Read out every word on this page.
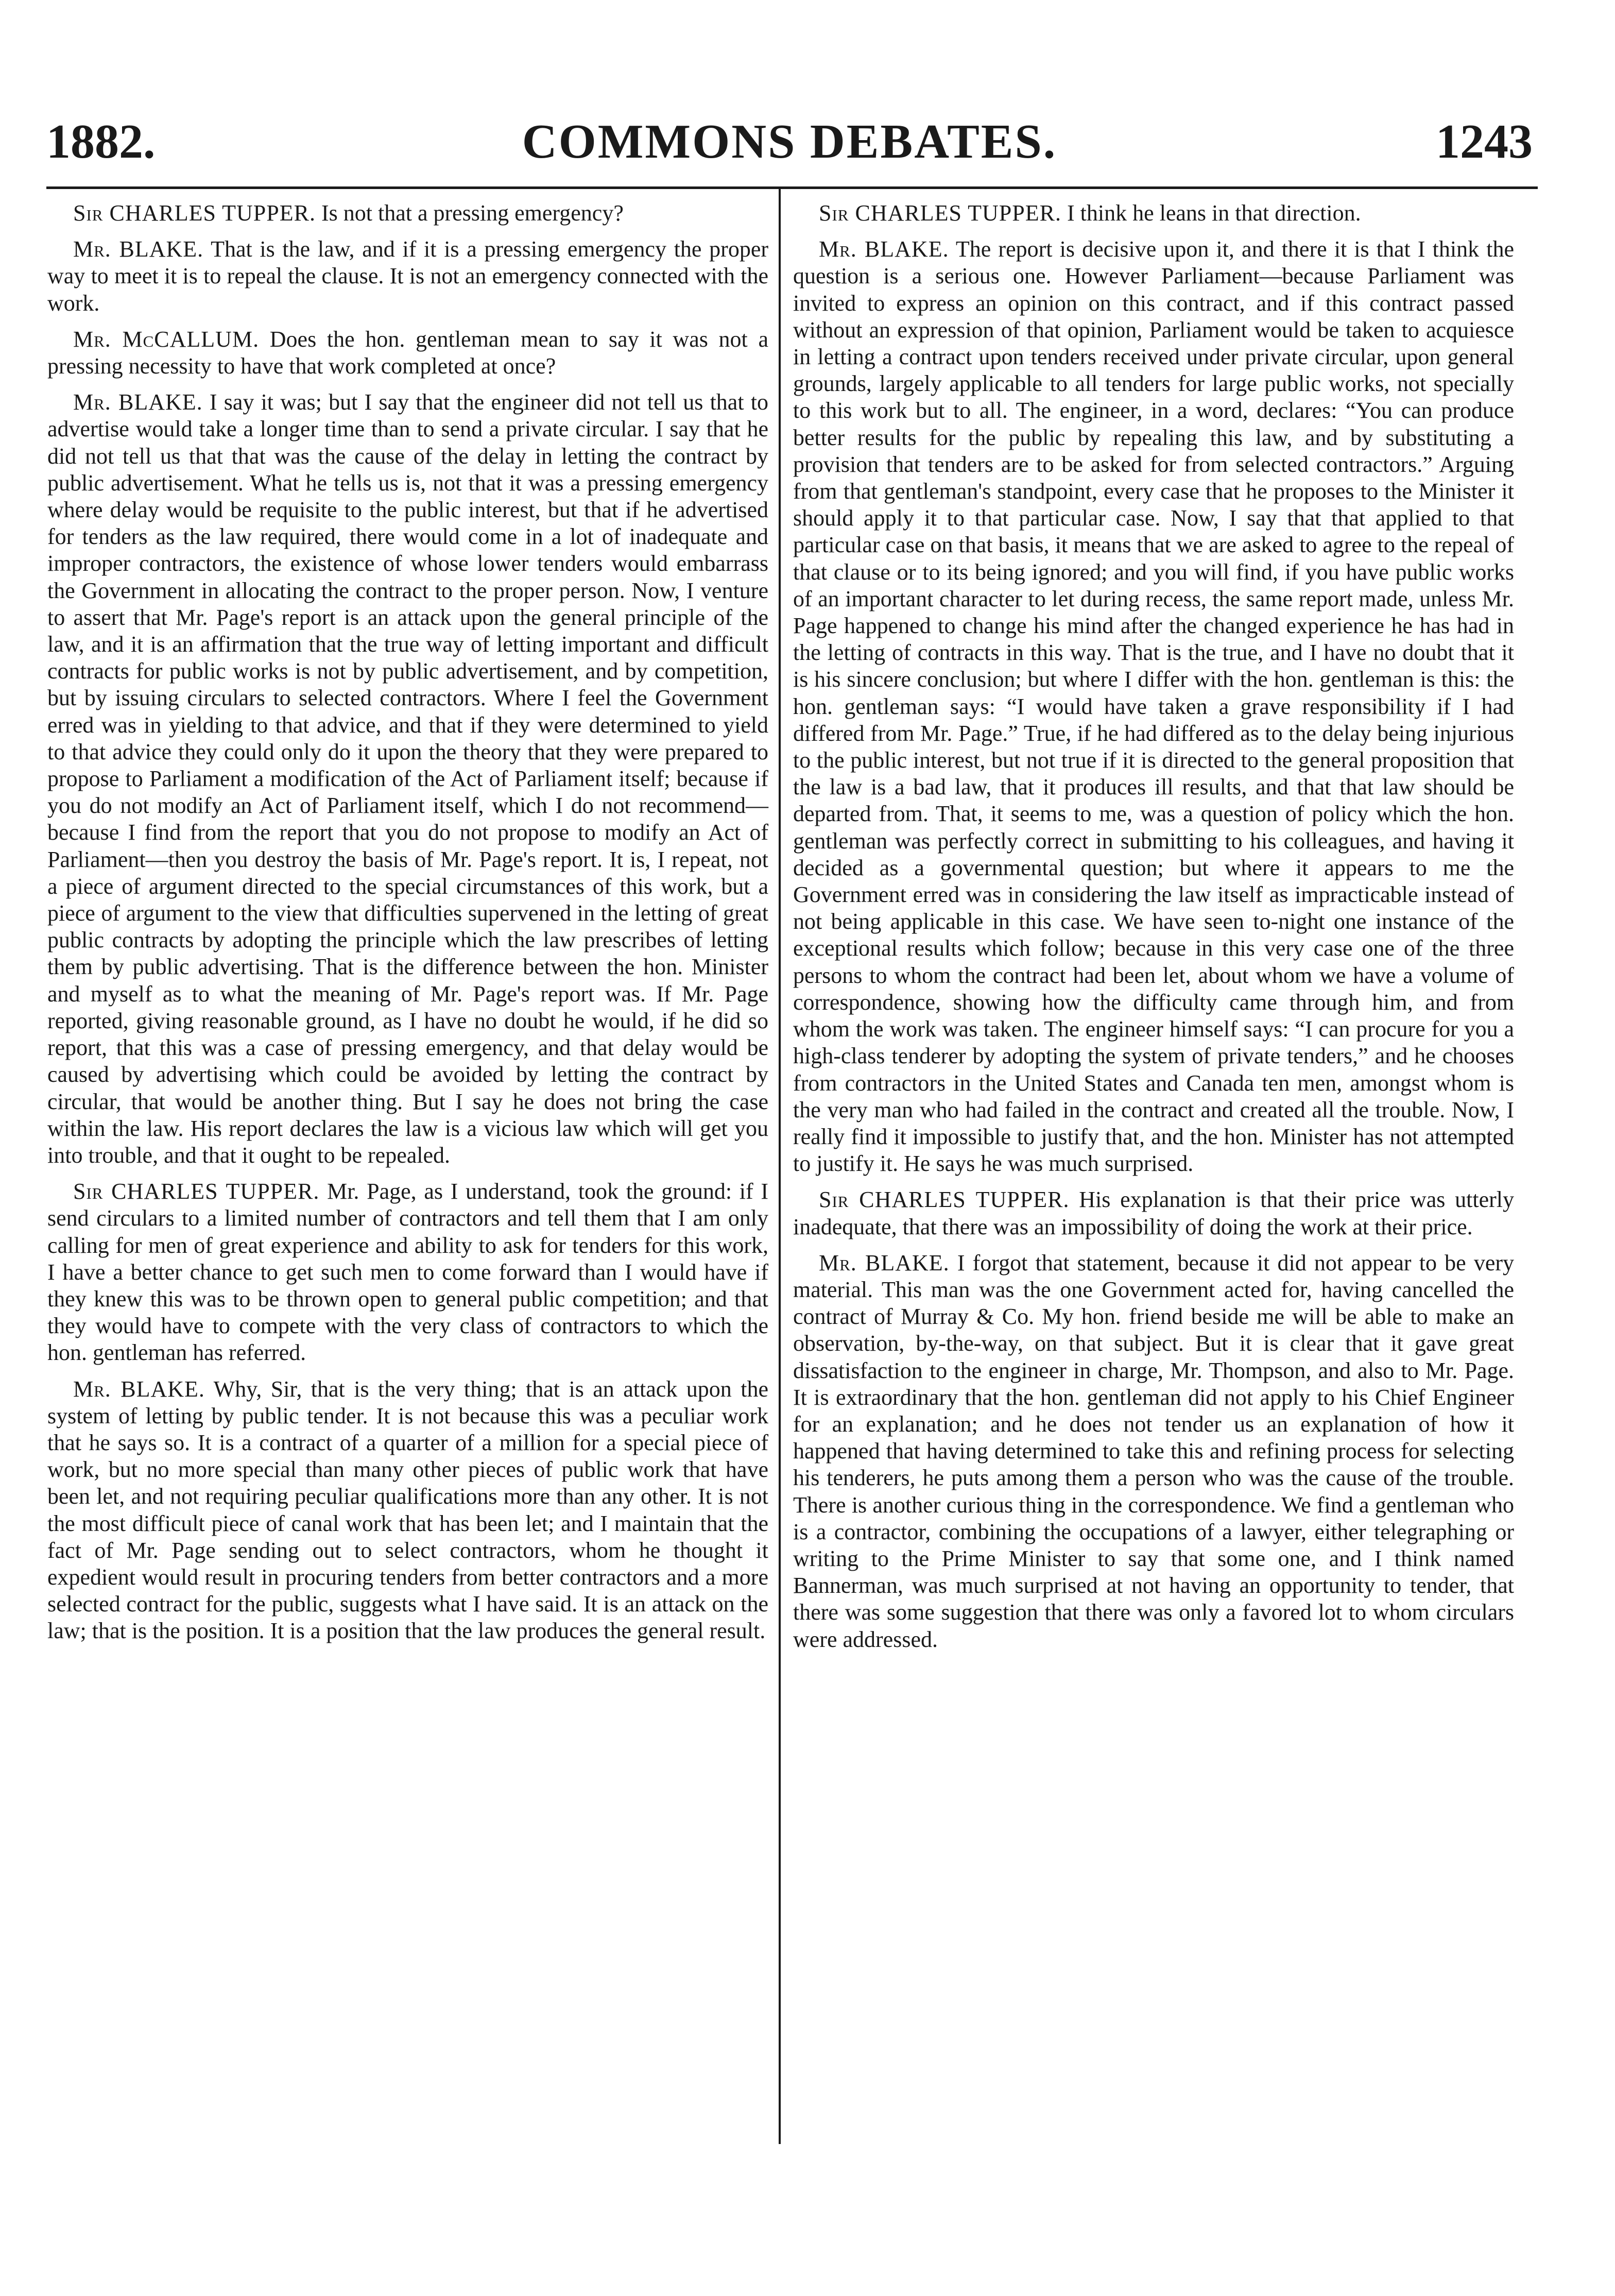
1882.	COMMONS DEBATES.	1243

Sir CHARLES TUPPER. Is not that a pressing emergency?

Mr. BLAKE. That is the law, and if it is a pressing emergency the proper way to meet it is to repeal the clause. It is not an emergency connected with the work.

Mr. McCALLUM. Does the hon. gentleman mean to say it was not a pressing necessity to have that work completed at once?

Mr. BLAKE. I say it was; but I say that the engineer did not tell us that to advertise would take a longer time than to send a private circular. I say that he did not tell us that that was the cause of the delay in letting the contract by public advertisement. What he tells us is, not that it was a pressing emergency where delay would be requisite to the public interest, but that if he advertised for tenders as the law required, there would come in a lot of inadequate and improper contractors, the existence of whose lower tenders would embarrass the Government in allocating the contract to the proper person. Now, I venture to assert that Mr. Page's report is an attack upon the general principle of the law, and it is an affirmation that the true way of letting important and difficult contracts for public works is not by public advertisement, and by competition, but by issuing circulars to selected contractors. Where I feel the Government erred was in yielding to that advice, and that if they were determined to yield to that advice they could only do it upon the theory that they were prepared to propose to Parliament a modification of the Act of Parliament itself; because if you do not modify an Act of Parliament itself, which I do not recommend—because I find from the report that you do not propose to modify an Act of Parliament—then you destroy the basis of Mr. Page's report. It is, I repeat, not a piece of argument directed to the special circumstances of this work, but a piece of argument to the view that difficulties supervened in the letting of great public contracts by adopting the principle which the law prescribes of letting them by public advertising. That is the difference between the hon. Minister and myself as to what the meaning of Mr. Page's report was. If Mr. Page reported, giving reasonable ground, as I have no doubt he would, if he did so report, that this was a case of pressing emergency, and that delay would be caused by advertising which could be avoided by letting the contract by circular, that would be another thing. But I say he does not bring the case within the law. His report declares the law is a vicious law which will get you into trouble, and that it ought to be repealed.

Sir CHARLES TUPPER. Mr. Page, as I understand, took the ground: if I send circulars to a limited number of contractors and tell them that I am only calling for men of great experience and ability to ask for tenders for this work, I have a better chance to get such men to come forward than I would have if they knew this was to be thrown open to general public competition; and that they would have to compete with the very class of contractors to which the hon. gentleman has referred.

Mr. BLAKE. Why, Sir, that is the very thing; that is an attack upon the system of letting by public tender. It is not because this was a peculiar work that he says so. It is a contract of a quarter of a million for a special piece of work, but no more special than many other pieces of public work that have been let, and not requiring peculiar qualifications more than any other. It is not the most difficult piece of canal work that has been let; and I maintain that the fact of Mr. Page sending out to select contractors, whom he thought it expedient would result in procuring tenders from better contractors and a more selected contract for the public, suggests what I have said. It is an attack on the law; that is the position. It is a position that the law produces the general result.

Sir CHARLES TUPPER. I think he leans in that direction.

Mr. BLAKE. The report is decisive upon it, and there it is that I think the question is a serious one. However Parliament—because Parliament was invited to express an opinion on this contract, and if this contract passed without an expression of that opinion, Parliament would be taken to acquiesce in letting a contract upon tenders received under private circular, upon general grounds, largely applicable to all tenders for large public works, not specially to this work but to all. The engineer, in a word, declares: “You can produce better results for the public by repealing this law, and by substituting a provision that tenders are to be asked for from selected contractors.” Arguing from that gentleman's standpoint, every case that he proposes to the Minister it should apply it to that particular case. Now, I say that that applied to that particular case on that basis, it means that we are asked to agree to the repeal of that clause or to its being ignored; and you will find, if you have public works of an important character to let during recess, the same report made, unless Mr. Page happened to change his mind after the changed experience he has had in the letting of contracts in this way. That is the true, and I have no doubt that it is his sincere conclusion; but where I differ with the hon. gentleman is this: the hon. gentleman says: “I would have taken a grave responsibility if I had differed from Mr. Page.” True, if he had differed as to the delay being injurious to the public interest, but not true if it is directed to the general proposition that the law is a bad law, that it produces ill results, and that that law should be departed from. That, it seems to me, was a question of policy which the hon. gentleman was perfectly correct in submitting to his colleagues, and having it decided as a governmental question; but where it appears to me the Government erred was in considering the law itself as impracticable instead of not being applicable in this case. We have seen to-night one instance of the exceptional results which follow; because in this very case one of the three persons to whom the contract had been let, about whom we have a volume of correspondence, showing how the difficulty came through him, and from whom the work was taken. The engineer himself says: “I can procure for you a high-class tenderer by adopting the system of private tenders,” and he chooses from contractors in the United States and Canada ten men, amongst whom is the very man who had failed in the contract and created all the trouble. Now, I really find it impossible to justify that, and the hon. Minister has not attempted to justify it. He says he was much surprised.

Sir CHARLES TUPPER. His explanation is that their price was utterly inadequate, that there was an impossibility of doing the work at their price.

Mr. BLAKE. I forgot that statement, because it did not appear to be very material. This man was the one Government acted for, having cancelled the contract of Murray & Co. My hon. friend beside me will be able to make an observation, by-the-way, on that subject. But it is clear that it gave great dissatisfaction to the engineer in charge, Mr. Thompson, and also to Mr. Page. It is extraordinary that the hon. gentleman did not apply to his Chief Engineer for an explanation; and he does not tender us an explanation of how it happened that having determined to take this and refining process for selecting his tenderers, he puts among them a person who was the cause of the trouble. There is another curious thing in the correspondence. We find a gentleman who is a contractor, combining the occupations of a lawyer, either telegraphing or writing to the Prime Minister to say that some one, and I think named Bannerman, was much surprised at not having an opportunity to tender, that there was some suggestion that there was only a favored lot to whom circulars were addressed.
